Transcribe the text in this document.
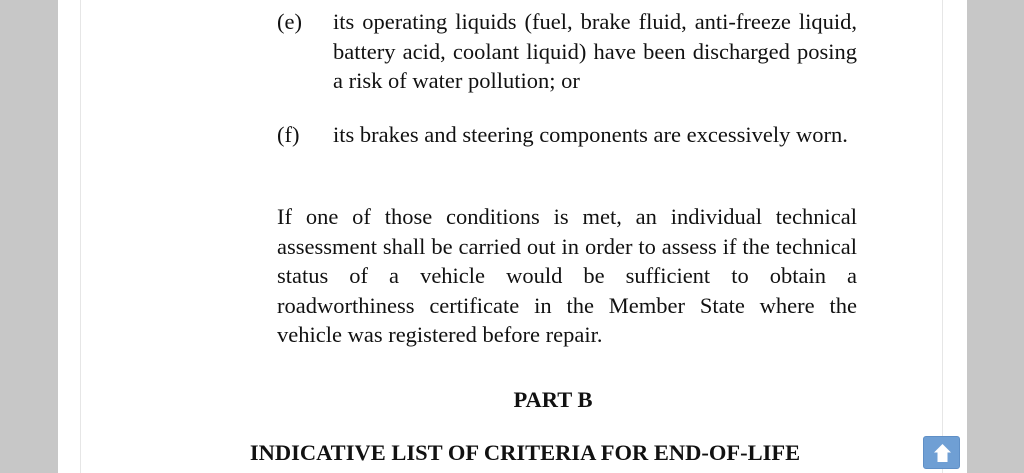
(e)	its operating liquids (fuel, brake fluid, anti-freeze liquid, battery acid, coolant liquid) have been discharged posing a risk of water pollution; or
(f)	its brakes and steering components are excessively worn.
If one of those conditions is met, an individual technical assessment shall be carried out in order to assess if the technical status of a vehicle would be sufficient to obtain a roadworthiness certificate in the Member State where the vehicle was registered before repair.
PART B
INDICATIVE LIST OF CRITERIA FOR END-OF-LIFE
